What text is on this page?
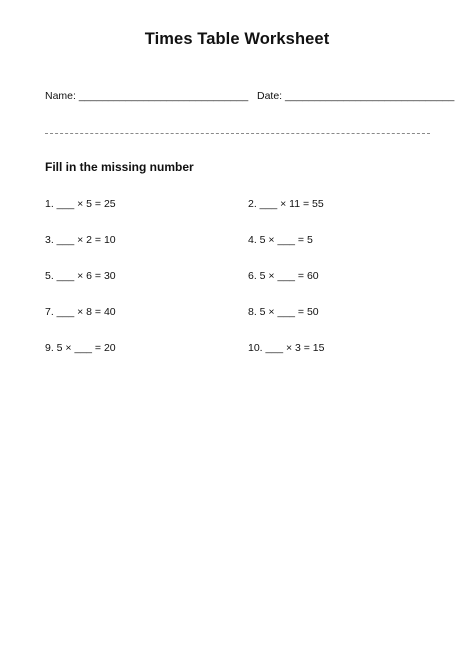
Times Table Worksheet
Name: _____________________________ Date: _____________________________
Fill in the missing number
1. ___ × 5 = 25	2. ___ × 11 = 55
3. ___ × 2 = 10	4. 5 × ___ = 5
5. ___ × 6 = 30	6. 5 × ___ = 60
7. ___ × 8 = 40	8. 5 × ___ = 50
9. 5 × ___ = 20	10. ___ × 3 = 15
